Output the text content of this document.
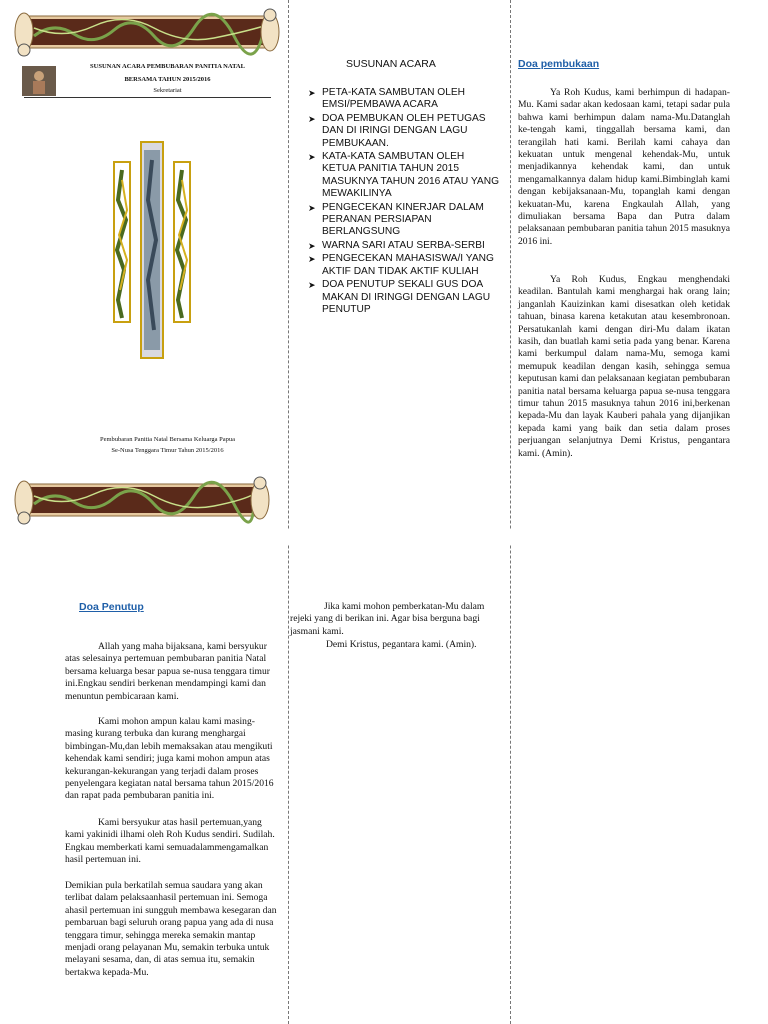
SUSUNAN ACARA PEMBUBARAN PANITIA NATAL
BERSAMA TAHUN 2015/2016
Sekretariat
Pembubaran Panitia Natal Bersama Keluarga Papua
Se-Nusa Tenggara Timur Tahun 2015/2016
SUSUNAN ACARA
➤ PETA-KATA SAMBUTAN OLEH EMSI/PEMBAWA ACARA
➤ DOA PEMBUKAN OLEH PETUGAS DAN DI IRINGI DENGAN LAGU PEMBUKAAN.
➤ KATA-KATA SAMBUTAN OLEH KETUA PANITIA TAHUN 2015 MASUKNYA TAHUN 2016 ATAU YANG MEWAKILINYA
➤ PENGECEKAN KINERJAR DALAM PERANAN PERSIAPAN BERLANGSUNG
➤ WARNA SARI ATAU SERBA-SERBI
➤ PENGECEKAN MAHASISWA/I YANG AKTIF DAN TIDAK AKTIF KULIAH
➤ DOA PENUTUP SEKALI GUS DOA MAKAN DI IRINGGI DENGAN LAGU PENUTUP
Doa pembukaan
Ya Roh Kudus, kami berhimpun di hadapan-Mu. Kami sadar akan kedosaan kami, tetapi sadar pula bahwa kami berhimpun dalam nama-Mu.Datanglah ke-tengah kami, tinggallah bersama kami, dan terangilah hati kami. Berilah kami cahaya dan kekuatan untuk mengenal kehendak-Mu, untuk menjadikannya kehendak kami, dan untuk mengamalkannya dalam hidup kami.Bimbinglah kami dengan kebijaksanaan-Mu, topanglah kami dengan kekuatan-Mu, karena Engkaulah Allah, yang dimuliakan bersama Bapa dan Putra dalam pelaksanaan pembubaran panitia tahun 2015 masuknya 2016 ini.
Ya Roh Kudus, Engkau menghendaki keadilan. Bantulah kami menghargai hak orang lain; janganlah Kauizinkan kami disesatkan oleh ketidak tahuan, binasa karena ketakutan atau kesembronoan. Persatukanlah kami dengan diri-Mu dalam ikatan kasih, dan buatlah kami setia pada yang benar. Karena kami berkumpul dalam nama-Mu, semoga kami memupuk keadilan dengan kasih, sehingga semua keputusan kami dan pelaksanaan kegiatan pembubaran panitia natal bersama keluarga papua se-nusa tenggara timur tahun 2015 masuknya tahun 2016 ini,berkenan kepada-Mu dan layak Kauberi pahala yang dijanjikan kepada kami yang baik dan setia dalam proses perjuangan selanjutnya Demi Kristus, pengantara kami. (Amin).
Doa Penutup
Allah yang maha bijaksana, kami bersyukur atas selesainya pertemuan pembubaran panitia Natal bersama keluarga besar papua se-nusa tenggara timur ini.Engkau sendiri berkenan mendampingi kami dan menuntun pembicaraan kami.
Kami mohon ampun kalau kami masing-masing kurang terbuka dan kurang menghargai bimbingan-Mu,dan lebih memaksakan atau mengikuti kehendak kami sendiri; juga kami mohon ampun atas kekurangan-kekurangan yang terjadi dalam proses penyelengara kegiatan natal bersama tahun 2015/2016 dan rapat pada pembubaran panitia ini.
Kami bersyukur atas hasil pertemuan,yang kami yakinidi ilhami oleh Roh Kudus sendiri. Sudilah. Engkau memberkati kami semuadalammengamalkan hasil pertemuan ini.
Demikian pula berkatilah semua saudara yang akan terlibat dalam pelaksaanhasil pertemuan ini. Semoga ahasil pertemuan ini sungguh membawa kesegaran dan pembaruan bagi seluruh orang papua yang ada di nusa tenggara timur, sehingga mereka semakin mantap menjadi orang pelayanan Mu, semakin terbuka untuk melayani sesama, dan, di atas semua itu, semakin bertakwa kepada-Mu.
Jika kami mohon pemberkatan-Mu dalam rejeki yang di berikan ini. Agar bisa berguna bagi jasmani kami.
Demi Kristus, pegantara kami. (Amin).
